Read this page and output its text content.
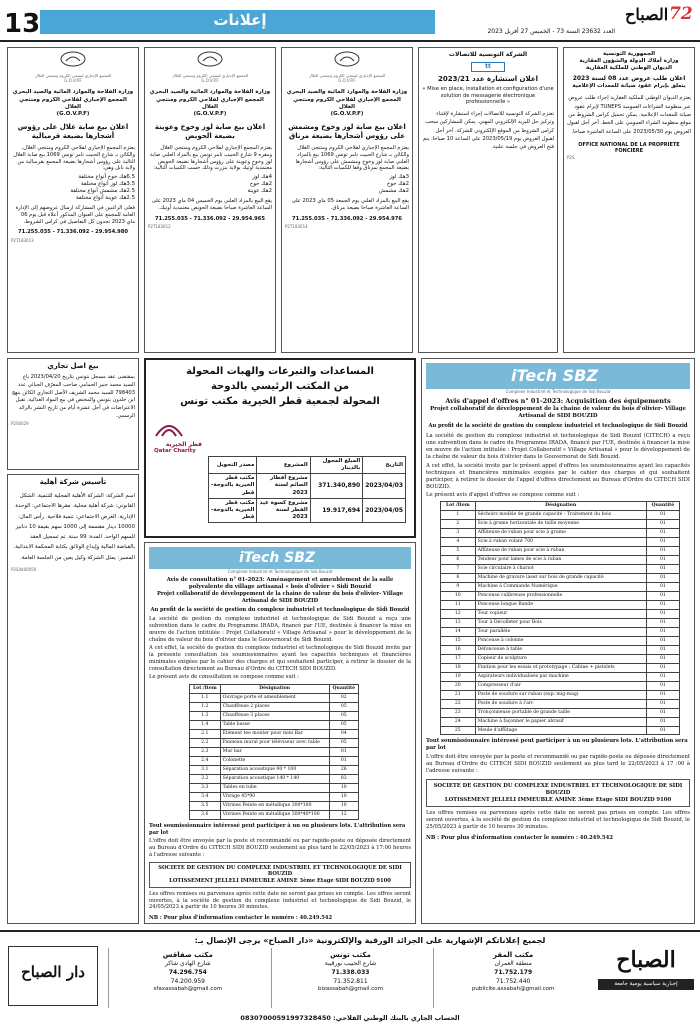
13	إعلانات
العدد 23632 السنة 73 - الخميس 27 أفريل 2023
72
الصباح
المجمع الإجباري لمنتجي الكروم ومنتجي الغلال
G.O.V.P.F
وزارة الفلاحة والموارد المائية والصيد البحري
المجمع الإجباري لفلاحي الكروم ومنتجي الغلال
(G.O.V.P.F)
اعلان بيع صابة غلال على رؤوس أشجارها بضيعة قرمبالية
يعتزم المجمع الإجباري لفلاحي الكروم ومنتجي الغلال، والكائن بـ شارع الحبيب تامر تونس 1069 بيع صابة الغلال التالية على رؤوس أشجارها بضيعة المجمع بقرمبالية من ولاية نابل وهي:
6.5هك خوخ أنواع مختلفة
3.5هك لوز أنواع مختلفة
2.5هك مشمش أنواع مختلفة
2.5هك عوينة أنواع مختلفة
فعلى الراغبين في المشاركة ارسال عروضهم إلى الإدارة العامة للمجمع على العنوان المذكور أعلاه قبل يوم 06 ماي 2023 تجدون كل التفاصيل في كراس الشروط.
71.255.035 - 71.336.092 - 29.954.980
P2T183013
المجمع الإجباري لمنتجي الكروم ومنتجي الغلال
G.O.V.P.F
وزارة الفلاحة والموارد المائية والصيد البحري
المجمع الإجباري لفلاحي الكروم ومنتجي الغلال
(G.O.V.P.F)
اعلان بيع صابة لوز وخوخ وعوينة بضيعة الحويض
يعتزم المجمع الإجباري لفلاحي الكروم ومنتجي الغلال ومقره 9 شارع الحبيب تامر تونس بيع بالمزاد العلني صابة لوز وخوخ وعوينة على رؤوس أشجارها بضيعة الحويض معتمدية أوتيك بولاية بنزرت وذلك حسب الكميات التالية:
4هك لوز
2هك خوخ
2هك عوينة
يقع البيع بالمزاد العلني يوم الخميس 04 ماي 2023 على الساعة العاشرة صباحا بضيعة الحويض معتمدية أوتيك.
71.255.035 - 71.336.092 - 29.954.965
P2T183012
المجمع الإجباري لمنتجي الكروم ومنتجي الغلال
G.O.V.P.F
وزارة الفلاحة والموارد المائية والصيد البحري
المجمع الإجباري لفلاحي الكروم ومنتجي الغلال
(G.O.V.P.F)
اعلان بيع صابة لوز وخوخ ومشمش على رؤوس أشجارها بضيعة مرناق
يعتزم المجمع الإجباري لفلاحي الكروم ومنتجي الغلال والكائن بـ شارع الحبيب تامر تونس 1069 بيع بالمزاد العلني صابة لوز وخوخ ومشمش على رؤوس أشجارها بضيعة المجمع بمرناق وفقا للكميات التالية:
3هك لوز
2هك خوخ
2هك مشمش
يقع البيع بالمزاد العلني يوم الجمعة 05 ماي 2023 على الساعة العاشرة صباحا بضيعة مرناق.
71.255.035 - 71.336.092 - 29.954.976
P2T183014
الشركة التونسية للاتصالات
tt
اعلان استشارة عدد 2023/21
« Mise en place, installation et configuration d'une solution de messagerie électronique professionnelle »
تعتزم الشركة التونسية للاتصالات إجراء استشارة لإقتناء وتركيز حل للبريد الإلكتروني المهني. يمكن للمشاركين سحب كراس الشروط من الموقع الإلكتروني للشركة. آخر أجل لقبول العروض يوم 2023/05/19 على الساعة 10 صباحا. يتم فتح العروض في جلسة علنية.
الجمهورية التونسية
وزارة أملاك الدولة والشؤون العقارية
الديوان الوطني للملكية العقارية
اعلان طلب عروض عدد 08 لسنة 2023
يتعلق بإبرام عقود صيانة للمعدات الإعلامية
يعتزم الديوان الوطني للملكية العقارية إجراء طلب عروض عبر منظومة الشراءات العمومية TUNEPS لإبرام عقود صيانة للمعدات الإعلامية. يمكن تحميل كراس الشروط من موقع منظومة الشراء العمومي على الخط. آخر أجل لقبول العروض يوم 2023/05/30 على الساعة العاشرة صباحا.
OFFICE NATIONAL DE LA PROPRIETE FONCIERE
P2S
بيع اصل تجاري
بمقتضى عقد مسجل بتونس بتاريخ 2023/04/20 باع السيد محمد جبير الحمامي صاحب المعرّف الجبائي عدد 798403 للسيد محمد الشريف الأصل التجاري الكائن بنهج ابن خلدون بتونس والمختص في بيع المواد الغذائية. تقبل الاعتراضات في أجل عشرة أيام من تاريخ النشر بالرائد الرسمي.
P2S0029
تأسيس شركة أهلية
اسم الشركة: الشركة الأهلية المحلية للتنمية. الشكل القانوني: شركة أهلية محلية. مقرها الاجتماعي: الوحدة الإدارية. الغرض الاجتماعي: تنمية فلاحية. رأس المال: 10000 دينار مقسمة إلى 1000 سهم بقيمة 10 دنانير للسهم الواحد. المدة: 99 سنة. تم تسجيل العقد بالقباضة المالية وإيداع الوثائق بكتابة المحكمة الابتدائية. المسير: يمثل الشركة وكيل يعين من الجلسة العامة.
P2S4400050
المساعدات والتبرعات والهبات المحولة
من المكتب الرئيسي بالدوحة
المحولة لجمعية قطر الخيرية مكتب تونس
قطر الخيرية
Qatar Charity
التاريخ	المبلغ المحول بالدينار	المشروع	مصدر التحويل
2023/04/03	371.340,890	مشروع أفطار الصائم لسنة 2023	مكتب قطر الخيرية بالدوحة-قطر
2023/04/05	19.917,694	مشروع كسوة عيد الفطر لسنة 2023	مكتب قطر الخيرية بالدوحة-قطر
iTech SBZ
Complexe Industriel et Technologique de Sidi Bouzid
Avis de consultation n° 01-2023: Aménagement et ameublement de la salle polyvalente du village artisanal « bois d'olivier » Sidi Bouzid
Projet collaboratif de développement de la chaine de valeur du bois d'olivier- Village Artisanal de SIDI BOUZID
Au profit de la société de gestion du complexe industriel et technologique de Sidi Bouzid
La société de gestion du complexe industriel et technologique de Sidi Bouzid a reçu une subvention dans le cadre du Programme IRADA, financé par l'UE, destinée à financer la mise en œuvre de l'action intitulée : Projet Collaboratif « Village Artisanal » pour le développement de la chaîne de valeur du bois d'olivier dans le Gouvernorat de Sidi Bouzid.
A cet effet, la société de gestion du complexe industriel et technologique de Sidi Bouzid invite par la présente consultation les soumissionnaires ayant les capacités techniques et financières minimales exigées par le cahier des charges et qui souhaitent participer, à retirer le dossier de la consultation directement au Bureau d'Ordre du CITECH SIDI BOUZID.
Le présent avis de consultation se compose comme suit :
Lot /Item	Désignation	Quantité
1.1	Ouvrage porte et ameublement	02
1.2	Chauffeuse 2 places	05
1.3	Chauffeuse 3 places	05
1.4	Table basse	05
2.1	Élément tee monter pour mini Bar	04
2.2	Panneau mural pour téléviseur avec table	05
2.3	Mur bar	01
2.4	Colonette	01
3.1	Séparation acoustique 90 * 100	26
3.2	Séparation acoustique 140 * 140	83
3.3	Tables en tube	10
3.4	Vitrage 45*90	10
3.5	Vitrines Peinte en métallique 300*180	10
3.6	Vitrines Peinte en métallique 300*40*180	12
Tout soumissionnaire intéressé peut participer à un ou plusieurs lots. L'attribution sera par lot
L'offre doit être envoyée par la poste et recommandé ou par rapide-poste ou déposée directement au Bureau d'Ordre du CITECH SIDI BOUZID seulement au plus tard le 22/05/2023 à 17:00 heures à l'adresse suivante :
SOCIETE DE GESTION DU COMPLEXE INDUSTRIEL ET TECHNOLOGIQUE DE SIDI BOUZID
LOTISSEMENT JELLELI IMMEUBLE AMINE 3ème Etage SIDI BOUZID 9100
Les offres remises ou parvenues après cette date ne seront pas prises en compte. Les offres seront ouvertes, à la société de gestion du complexe industriel et technologique de Sidi Bouzid, le 24/05/2023 à partir de 10 heures 30 minutes.
NB : Pour plus d'information contacter le numéro : 40.249.542
iTech SBZ
Complexe Industriel et Technologique de Sidi Bouzid
Avis d'appel d'offres n° 01-2023: Acquisition des équipements
Projet collaboratif de développement de la chaine de valeur du bois d'olivier- Village Artisanal de SIDI BOUZID
Au profit de la société de gestion du complexe industriel et technologique de Sidi Bouzid
La société de gestion du complexe industriel et technologique de Sidi Bouzid (CITECH) a reçu une subvention dans le cadre du Programme IRADA, financé par l'UE, destinée à financer la mise en œuvre de l'action intitulée : Projet Collaboratif « Village Artisanal » pour le développement de la chaîne de valeur du bois d'olivier dans le Gouvernorat de Sidi Bouzid.
A cet effet, la société invite par le présent appel d'offres les soumissionnaires ayant les capacités techniques et financières minimales exigées par le cahier des charges et qui souhaitent participer, à retirer le dossier de l'appel d'offres directement au Bureau d'Ordre du CITECH SIDI BOUZID.
Le présent avis d'appel d'offres se compose comme suit :
Lot /Item	Désignation	Quantité
1	Séchoirs modèle de grande capacité - Traitement du bois	01
2	Scie à grume horizontale de taille moyenne	01
3	Affûteuse de ruban pour scie à grume	01
4	Scie à ruban volant 700	01
5	Affûteuse de ruban pour scie à ruban	01
6	Tendeur pour lames de scie à ruban	01
7	Scie circulaire à chariot	01
8	Machine de gravure laser sur bois de grande capacité	01
9	Machine à Commande Numérique	01
10	Ponceuse calibreuse professionnelle	01
11	Ponceuse longue Bande	01
12	Tour copieur	01
13	Tour à Décolleter pour Bois	01
14	Tour parallèle	01
15	Ponceuse à colonne	01
16	Défonceuse à table	01
17	Copieur de sculpture	01
18	Finition pour les essais et prototypage : Cabine + pistolets	01
19	Aspirateurs individualisés par machine	01
20	Compresseur d'air	01
21	Poste de soudure sur ruban (exp: mig-mag)	01
22	Poste de soudure à l'arc	01
23	Tronçonneuse portable de grande taille	01
24	Machine à façonner le papier abrasif	01
25	Meule d'affûtage	01
Tout soumissionnaire intéressé peut participer à un ou plusieurs lots. L'attribution sera par lot
L'offre doit être envoyée par la poste et recommandé ou par rapide-poste ou déposée directement au Bureau d'Ordre du CITECH SIDI BOUZID seulement au plus tard le 22/05/2023 à 17 :00 à l'adresse suivante :
SOCIETE DE GESTION DU COMPLEXE INDUSTRIEL ET TECHNOLOGIQUE DE SIDI BOUZID
LOTISSEMENT JELLELI IMMEUBLE AMINE 3ème Etage SIDI BOUZID 9100
Les offres remises ou parvenues après cette date ne seront pas prises en compte. Les offres seront ouvertes, à la société de gestion du complexe industriel et technologique de Sidi Bouzid, le 25/05/2023 à partir de 10 heures 30 minutes.
NB : Pour plus d'information contacter le numéro : 40.249.542
لجميع إعلاناتكم الإشهارية على الجرائد الورقية والإلكترونية «دار الصباح» يرجى الإتصال بـ:
دار الصباح	الصباح
إخبارية سياسية يومية جامعة
مكتب المقر
منطقة العمران
71.752.179
71.752.440
publicite.assabah@gmail.com
مكتب تونس
شارع الحبيب بورقيبة
71.338.033
71.352.811
bizassabah@gmail.com
مكتب صفاقس
شارع الهادي شاكر
74.296.754
74.200.959
sfaxassabah@gmail.com
الحساب الجاري بالبنك الوطني الفلاحي: 08307000591997328450
